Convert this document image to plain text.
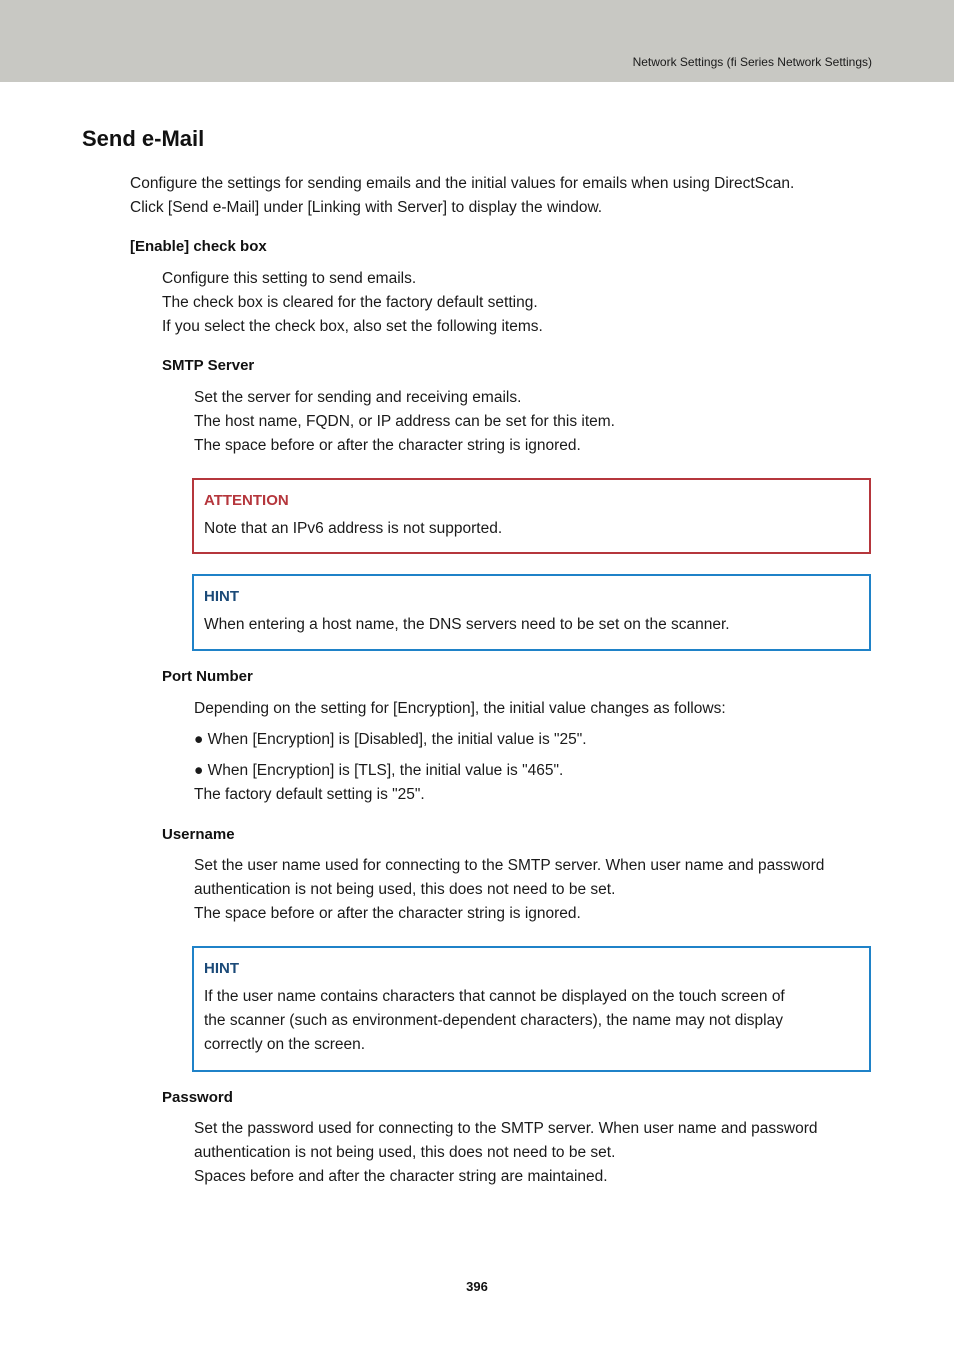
Network Settings (fi Series Network Settings)
Send e-Mail
Configure the settings for sending emails and the initial values for emails when using DirectScan.
Click [Send e-Mail] under [Linking with Server] to display the window.
[Enable] check box
Configure this setting to send emails.
The check box is cleared for the factory default setting.
If you select the check box, also set the following items.
SMTP Server
Set the server for sending and receiving emails.
The host name, FQDN, or IP address can be set for this item.
The space before or after the character string is ignored.
ATTENTION
Note that an IPv6 address is not supported.
HINT
When entering a host name, the DNS servers need to be set on the scanner.
Port Number
Depending on the setting for [Encryption], the initial value changes as follows:
● When [Encryption] is [Disabled], the initial value is "25".
● When [Encryption] is [TLS], the initial value is "465".
The factory default setting is "25".
Username
Set the user name used for connecting to the SMTP server. When user name and password
authentication is not being used, this does not need to be set.
The space before or after the character string is ignored.
HINT
If the user name contains characters that cannot be displayed on the touch screen of
the scanner (such as environment-dependent characters), the name may not display
correctly on the screen.
Password
Set the password used for connecting to the SMTP server. When user name and password
authentication is not being used, this does not need to be set.
Spaces before and after the character string are maintained.
396
